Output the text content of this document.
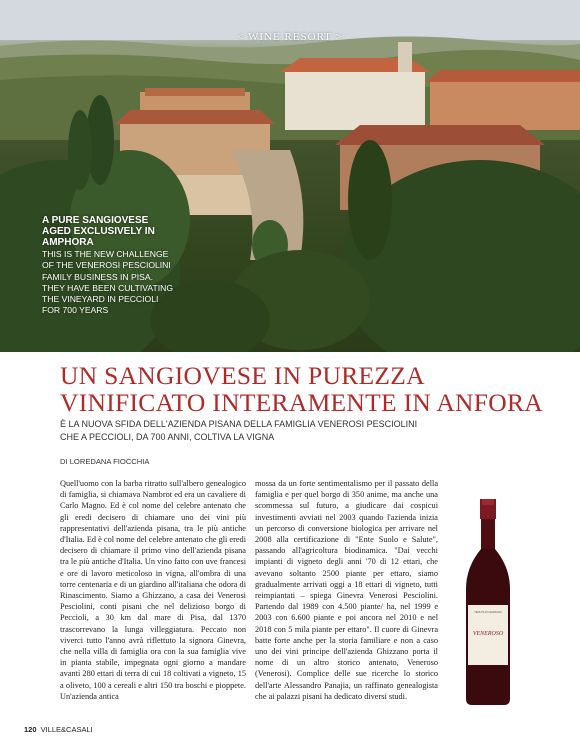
< WINE RESORT >
A PURE SANGIOVESE AGED EXCLUSIVELY IN AMPHORA
THIS IS THE NEW CHALLENGE OF THE VENEROSI PESCIOLINI FAMILY BUSINESS IN PISA. THEY HAVE BEEN CULTIVATING THE VINEYARD IN PECCIOLI FOR 700 YEARS
UN SANGIOVESE IN PUREZZA
VINIFICATO INTERAMENTE IN ANFORA
È LA NUOVA SFIDA DELL'AZIENDA PISANA DELLA FAMIGLIA VENEROSI PESCIOLINI
CHE A PECCIOLI, DA 700 ANNI, COLTIVA LA VIGNA
DI LOREDANA FIOCCHIA
Quell'uomo con la barba ritratto sull'albero genealogico di famiglia, si chiamava Nambrot ed era un cavaliere di Carlo Magno. Ed è col nome del celebre antenato che gli eredi decisero di chiamare uno dei vini più rappresentativi dell'azienda pisana, tra le più antiche d'Italia. Ed è col nome del celebre antenato che gli eredi decisero di chiamare il primo vino dell'azienda pisana tra le più antiche d'Italia. Un vino fatto con uve francesi e ore di lavoro meticoloso in vigna, all'ombra di una torre centenaria e di un giardino all'italiana che odora di Rinascimento. Siamo a Ghizzano, a casa dei Venerosi Pesciolini, conti pisani che nel delizioso borgo di Peccioli, a 30 km dal mare di Pisa, dal 1370 trascorrevano la lunga villeggiatura. Peccato non viverci tutto l'anno avrà riflettuto la signora Ginevra, che nella villa di famiglia ora con la sua famiglia vive in pianta stabile, impegnata ogni giorno a mandare avanti 280 ettari di terra di cui 18 coltivati a vigneto, 15 a oliveto, 100 a cereali e altri 150 tra boschi e pioppete. Un'azienda antica
mossa da un forte sentimentalismo per il passato della famiglia e per quel borgo di 350 anime, ma anche una scommessa sul futuro, a giudicare dai cospicui investimenti avviati nel 2003 quando l'azienda inizia un percorso di conversione biologica per arrivare nel 2008 alla certificazione di "Ente Suolo e Salute", passando all'agricoltura biodinamica. "Dai vecchi impianti di vigneto degli anni '70 di 12 ettari, che avevano soltanto 2500 piante per ettaro, siamo gradualmente arrivati oggi a 18 ettari di vigneto, tutti reimpiantati – spiega Ginevra Venerosi Pesciolini. Partendo dal 1989 con 4.500 piante/ ha, nel 1999 e 2003 con 6.600 piante e poi ancora nel 2010 e nel 2018 con 5 mila piante per ettaro". Il cuore di Ginevra batte forte anche per la storia familiare e non a caso uno dei vini principe dell'azienda Ghizzano porta il nome di un altro storico antenato, Veneroso (Venerosi). Complice delle sue ricerche lo storico dell'arte Alessandro Panajia, un raffinato genealogista che ai palazzi pisani ha dedicato diversi studi.
TENUTA DI GHIZZANO
VENEROSO
120 VILLE&CASALI
